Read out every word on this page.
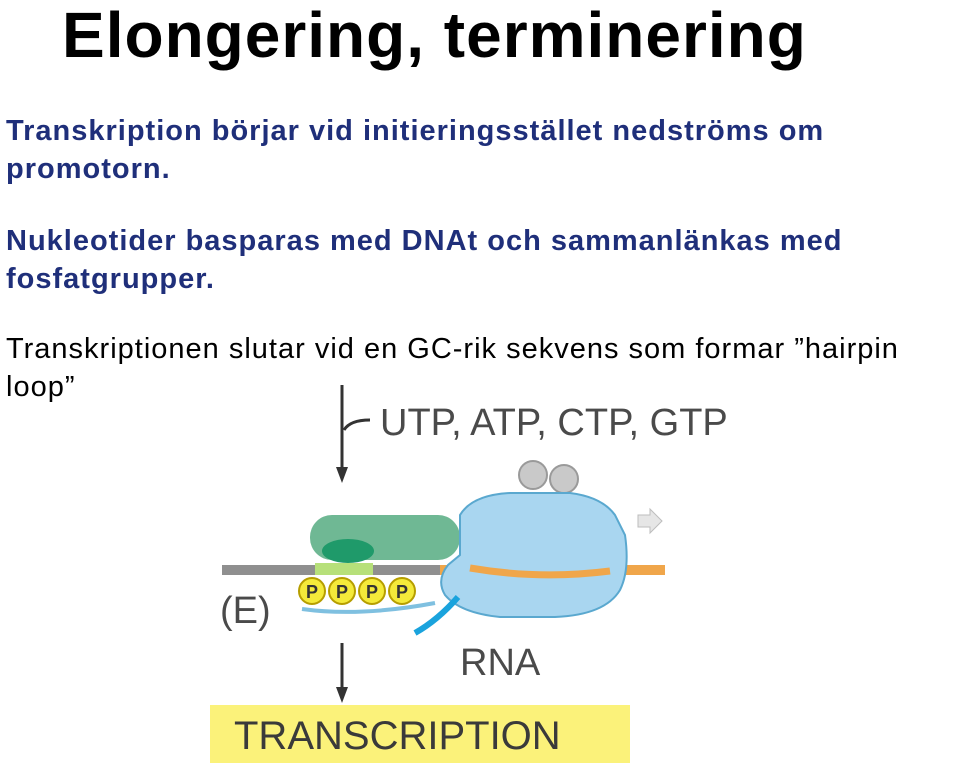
Elongering, terminering
Transkription börjar vid initieringsstället nedströms om promotorn.
Nukleotider basparas med DNAt och sammanlänkas med fosfatgrupper.
Transkriptionen slutar vid en GC-rik sekvens som formar ”hairpin loop”
UTP, ATP, CTP, GTP
P P P P
RNA
(E)
TRANSCRIPTION
